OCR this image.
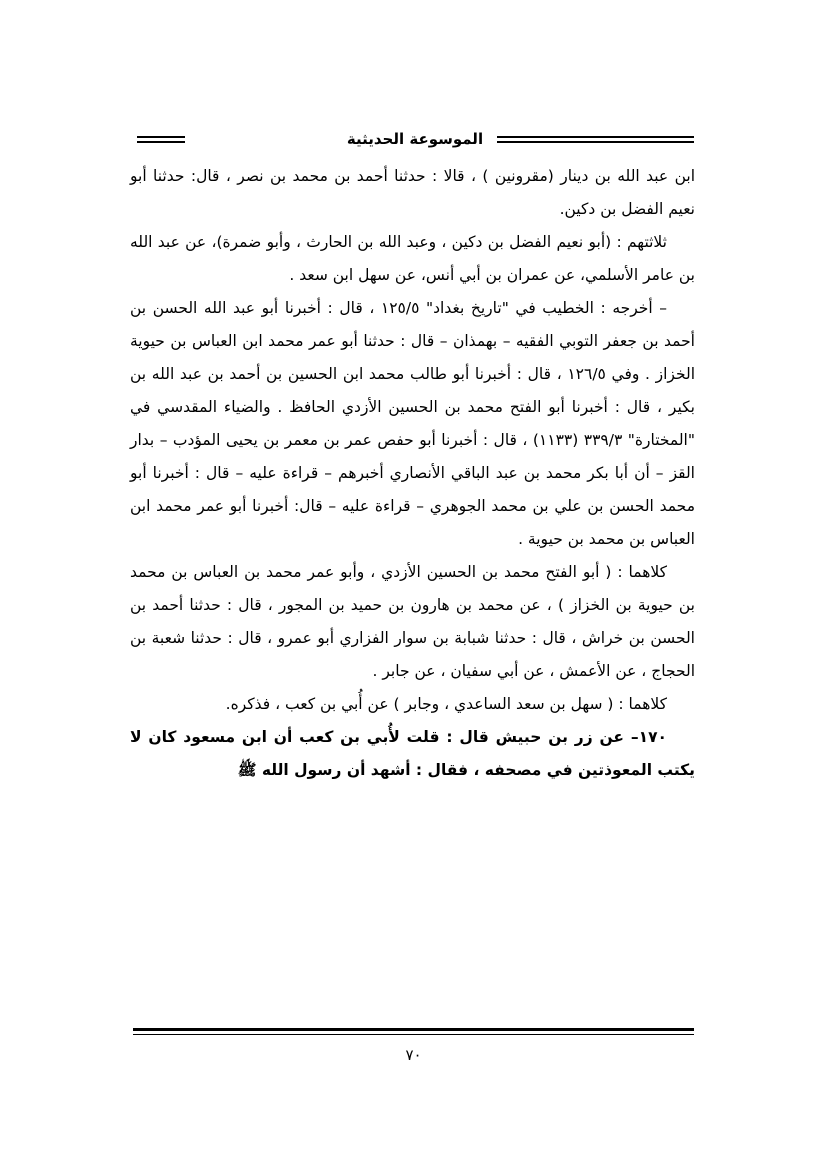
الموسوعة الحديثية

ابن عبد الله بن دينار (مقرونين ) ، قالا : حدثنا أحمد بن محمد بن نصر ، قال: حدثنا أبو نعيم الفضل بن دكين.

ثلاثتهم : (أبو نعيم الفضل بن دكين ، وعبد الله بن الحارث ، وأبو ضمرة)، عن عبد الله بن عامر الأسلمي، عن عمران بن أبي أنس، عن سهل ابن سعد .

– أخرجه : الخطيب في "تاريخ بغداد" ١٢٥/٥ ، قال : أخبرنا أبو عبد الله الحسن بن أحمد بن جعفر التوبي الفقيه – بهمذان – قال : حدثنا أبو عمر محمد ابن العباس بن حيوية الخزاز . وفي ١٢٦/٥ ، قال : أخبرنا أبو طالب محمد ابن الحسين بن أحمد بن عبد الله بن بكير ، قال : أخبرنا أبو الفتح محمد بن الحسين الأزدي الحافظ . والضياء المقدسي في "المختارة" ٣٣٩/٣ (١١٣٣) ، قال : أخبرنا أبو حفص عمر بن معمر بن يحيى المؤدب – بدار القز – أن أبا بكر محمد بن عبد الباقي الأنصاري أخبرهم – قراءة عليه – قال : أخبرنا أبو محمد الحسن بن علي بن محمد الجوهري – قراءة عليه – قال: أخبرنا أبو عمر محمد ابن العباس بن محمد بن حيوية .

كلاهما : ( أبو الفتح محمد بن الحسين الأزدي ، وأبو عمر محمد بن العباس بن محمد بن حيوية بن الخزاز ) ، عن محمد بن هارون بن حميد بن المجور ، قال : حدثنا أحمد بن الحسن بن خراش ، قال : حدثنا شبابة بن سوار الفزاري أبو عمرو ، قال : حدثنا شعبة بن الحجاج ، عن الأعمش ، عن أبي سفيان ، عن جابر .

كلاهما : ( سهل بن سعد الساعدي ، وجابر ) عن أُبي بن كعب ، فذكره.

١٧٠– عن زر بن حبيش قال : قلت لأُبي بن كعب أن ابن مسعود كان لا يكتب المعوذتين في مصحفه ، فقال : أشهد أن رسول الله ﷺ

٧٠
